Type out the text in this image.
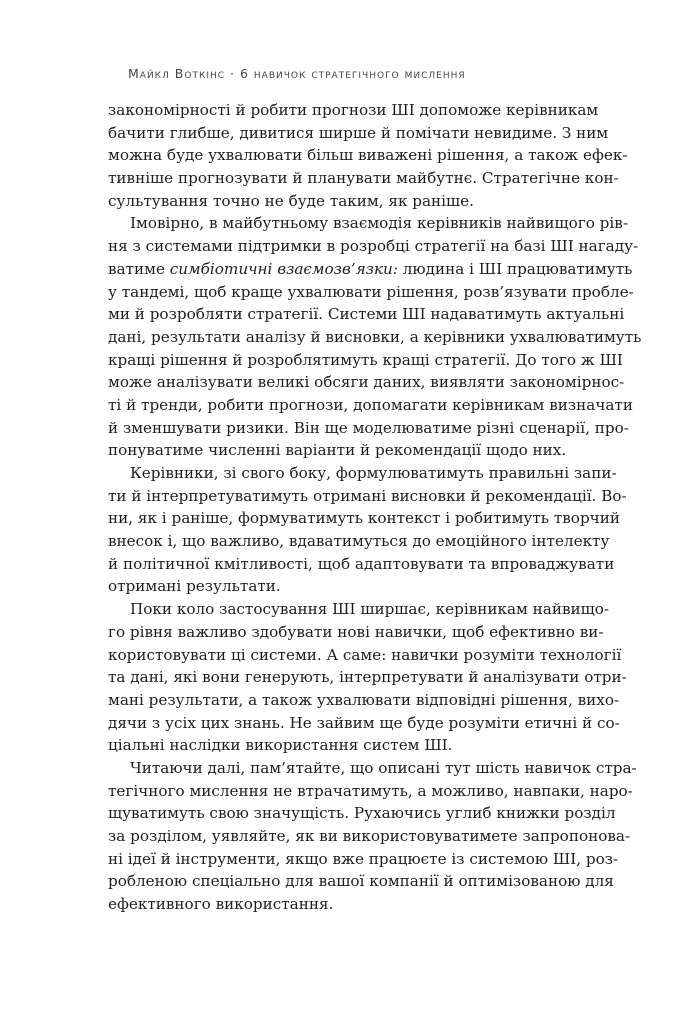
Майкл Воткінс · 6 навичок стратегічного мислення
закономірності й робити прогнози ШІ допоможе керівникам
бачити глибше, дивитися ширше й помічати невидиме. З ним
можна буде ухвалювати більш виважені рішення, а також ефек-
тивніше прогнозувати й планувати майбутнє. Стратегічне кон-
сультування точно не буде таким, як раніше.
Імовірно, в майбутньому взаємодія керівників найвищого рів-
ня з системами підтримки в розробці стратегії на базі ШІ нагаду-
ватиме симбіотичні взаємозв’язки: людина і ШІ працюватимуть
у тандемі, щоб краще ухвалювати рішення, розв’язувати пробле-
ми й розробляти стратегії. Системи ШІ надаватимуть актуальні
дані, результати аналізу й висновки, а керівники ухвалюватимуть
кращі рішення й розроблятимуть кращі стратегії. До того ж ШІ
може аналізувати великі обсяги даних, виявляти закономірнос-
ті й тренди, робити прогнози, допомагати керівникам визначати
й зменшувати ризики. Він ще моделюватиме різні сценарії, про-
понуватиме численні варіанти й рекомендації щодо них.
Керівники, зі свого боку, формулюватимуть правильні запи-
ти й інтерпретуватимуть отримані висновки й рекомендації. Во-
ни, як і раніше, формуватимуть контекст і робитимуть творчий
внесок і, що важливо, вдаватимуться до емоційного інтелекту
й політичної кмітливості, щоб адаптовувати та впроваджувати
отримані результати.
Поки коло застосування ШІ ширшає, керівникам найвищо-
го рівня важливо здобувати нові навички, щоб ефективно ви-
користовувати ці системи. А саме: навички розуміти технології
та дані, які вони генерують, інтерпретувати й аналізувати отри-
мані результати, а також ухвалювати відповідні рішення, вихо-
дячи з усіх цих знань. Не зайвим ще буде розуміти етичні й со-
ціальні наслідки використання систем ШІ.
Читаючи далі, пам’ятайте, що описані тут шість навичок стра-
тегічного мислення не втрачатимуть, а можливо, навпаки, наро-
щуватимуть свою значущість. Рухаючись углиб книжки розділ
за розділом, уявляйте, як ви використовуватимете запропонова-
ні ідеї й інструменти, якщо вже працюєте із системою ШІ, роз-
робленою спеціально для вашої компанії й оптимізованою для
ефективного використання.
